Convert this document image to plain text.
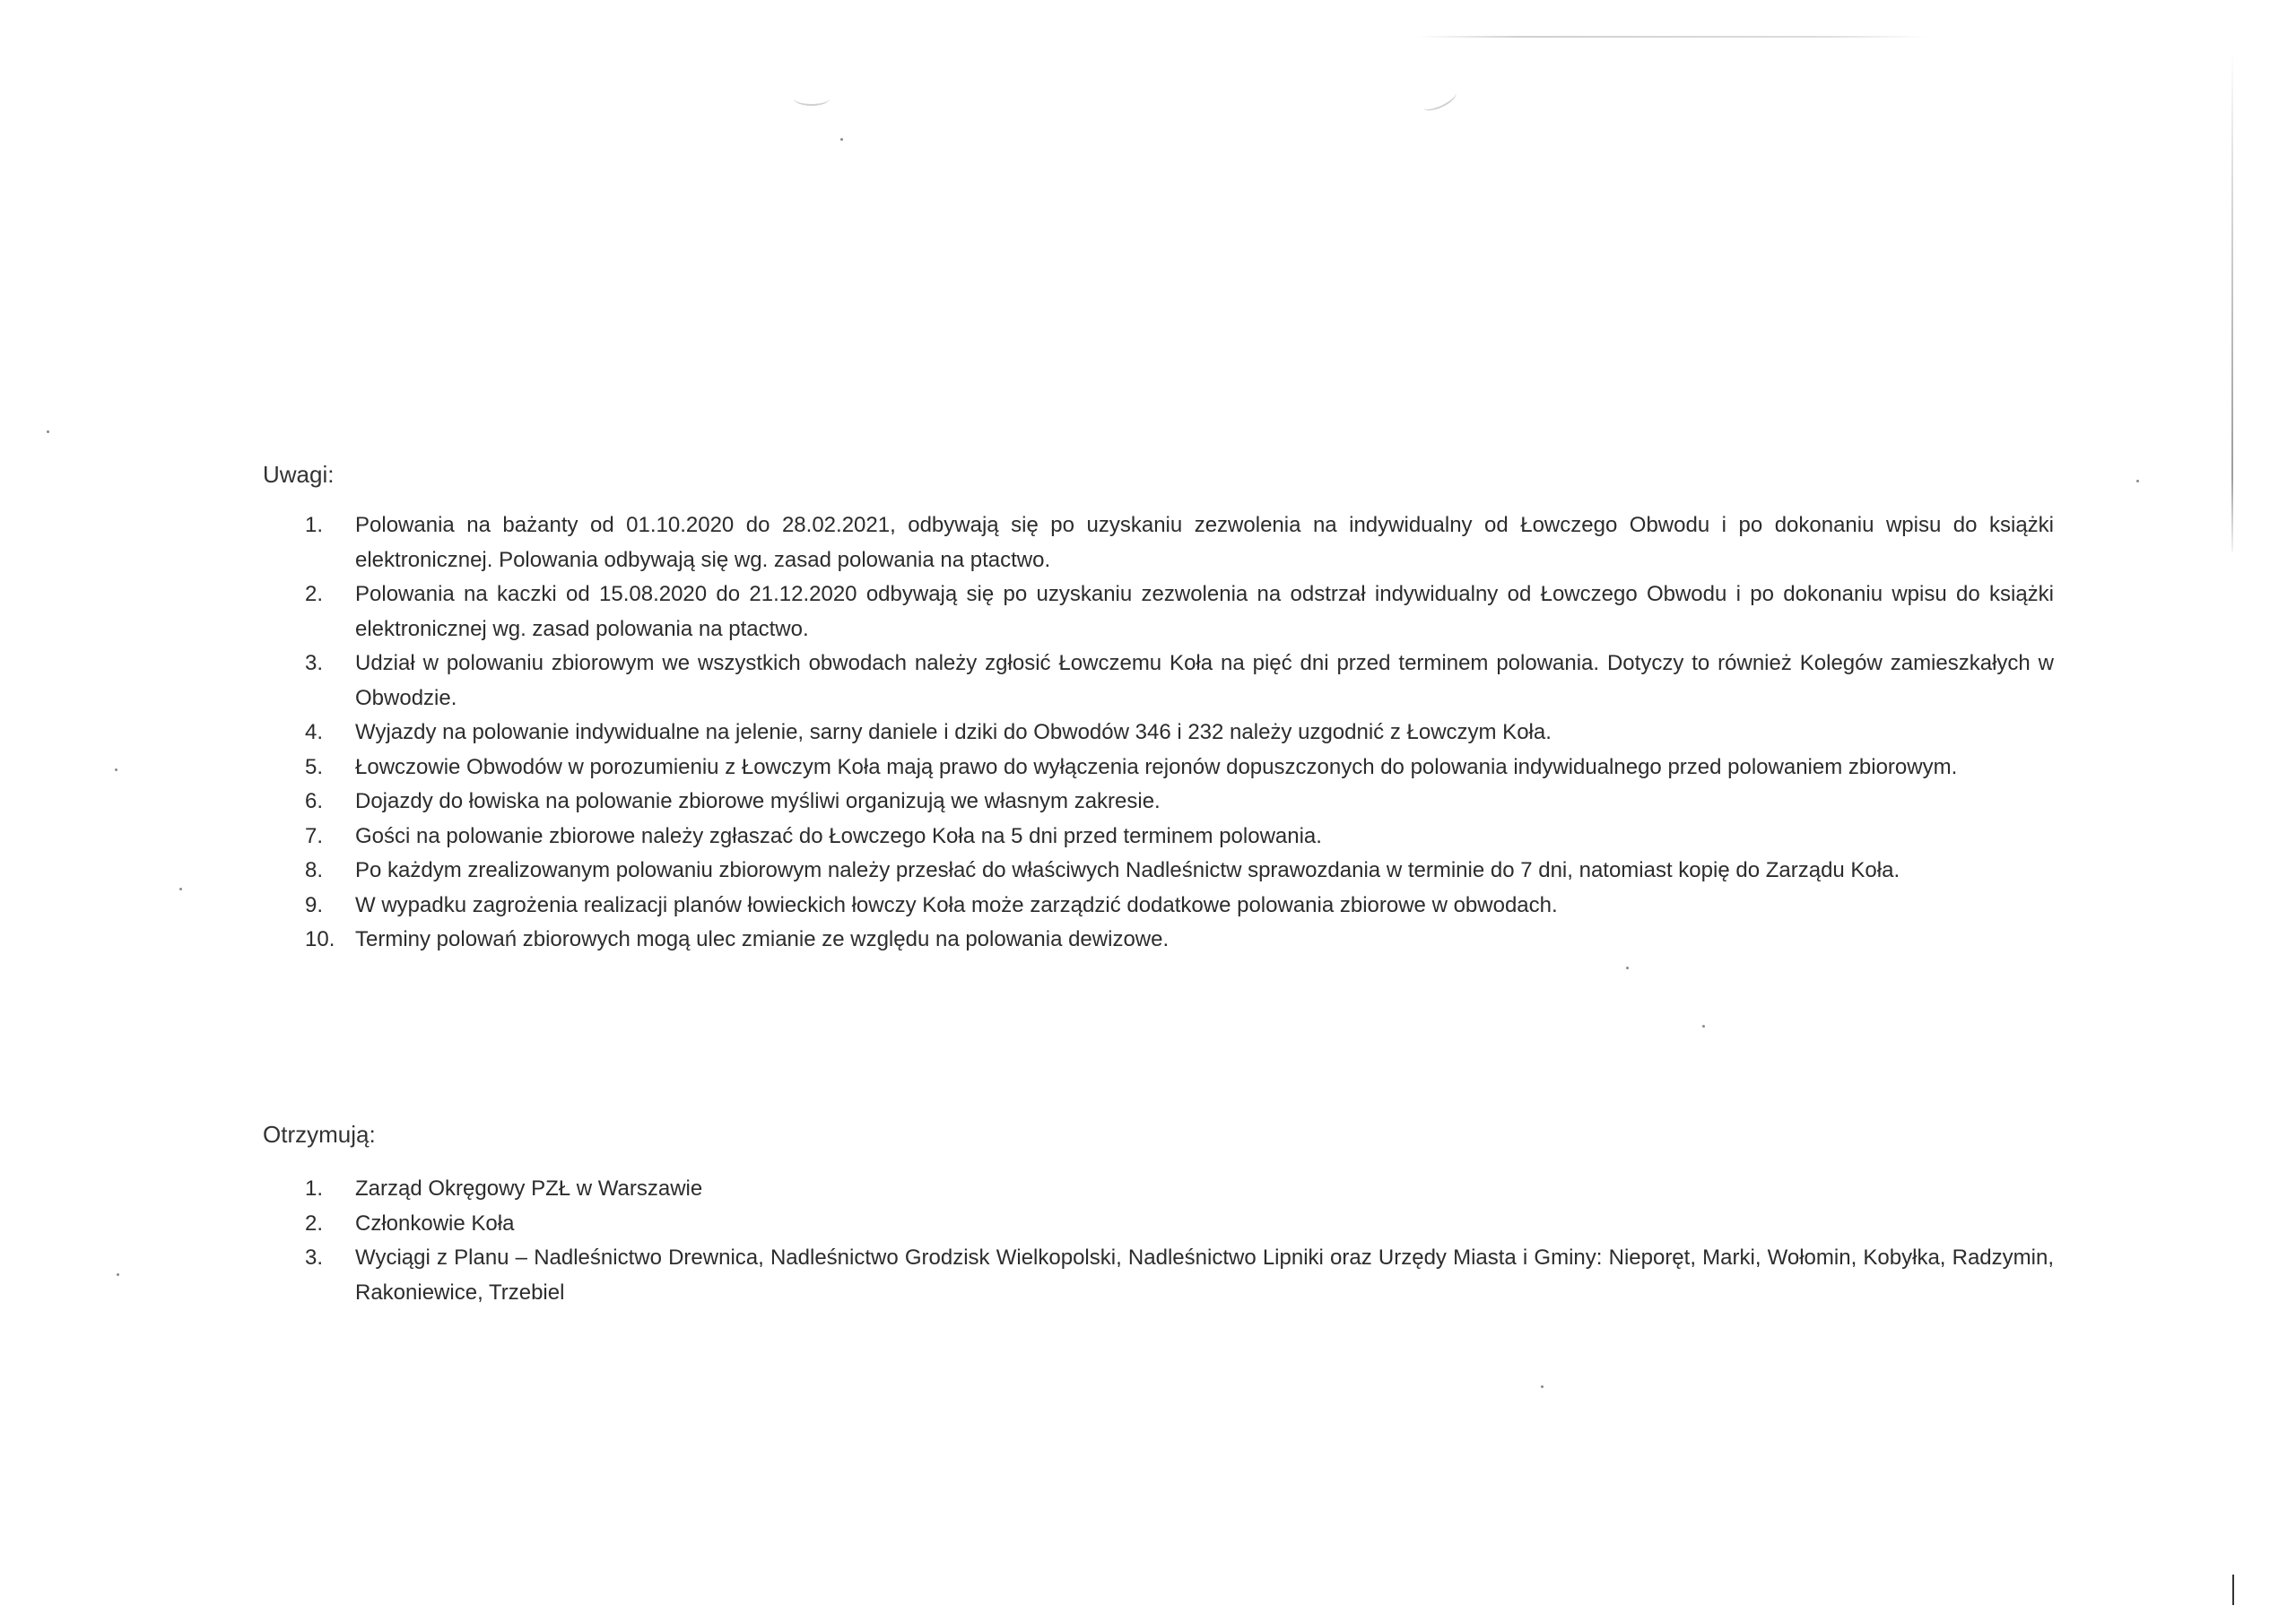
Uwagi:
1.	Polowania na bażanty od 01.10.2020 do 28.02.2021, odbywają się po uzyskaniu zezwolenia na indywidualny od Łowczego Obwodu i po dokonaniu wpisu do książki elektronicznej. Polowania odbywają się wg. zasad polowania na ptactwo.
2.	Polowania na kaczki od 15.08.2020 do 21.12.2020 odbywają się po uzyskaniu zezwolenia na odstrzał indywidualny od Łowczego Obwodu i po dokonaniu wpisu do książki elektronicznej wg. zasad polowania na ptactwo.
3.	Udział w polowaniu zbiorowym we wszystkich obwodach należy zgłosić Łowczemu Koła na pięć dni przed terminem polowania. Dotyczy to również Kolegów zamieszkałych w Obwodzie.
4.	Wyjazdy na polowanie indywidualne na jelenie, sarny daniele i dziki do Obwodów 346 i 232 należy uzgodnić z Łowczym Koła.
5.	Łowczowie Obwodów w porozumieniu z Łowczym Koła mają prawo do wyłączenia rejonów dopuszczonych do polowania indywidualnego przed polowaniem zbiorowym.
6.	Dojazdy do łowiska na polowanie zbiorowe myśliwi organizują we własnym zakresie.
7.	Gości na polowanie zbiorowe należy zgłaszać do Łowczego Koła na 5 dni przed terminem polowania.
8.	Po każdym zrealizowanym polowaniu zbiorowym należy przesłać do właściwych Nadleśnictw sprawozdania w terminie do 7 dni, natomiast kopię do Zarządu Koła.
9.	W wypadku zagrożenia realizacji planów łowieckich łowczy Koła może zarządzić dodatkowe polowania zbiorowe w obwodach.
10. Terminy polowań zbiorowych mogą ulec zmianie ze względu na polowania dewizowe.
Otrzymują:
1.	Zarząd Okręgowy PZŁ w Warszawie
2.	Członkowie Koła
3.	Wyciągi z Planu – Nadleśnictwo Drewnica, Nadleśnictwo Grodzisk Wielkopolski, Nadleśnictwo Lipniki oraz Urzędy Miasta i Gminy: Nieporęt, Marki, Wołomin, Kobyłka, Radzymin, Rakoniewice, Trzebiel
